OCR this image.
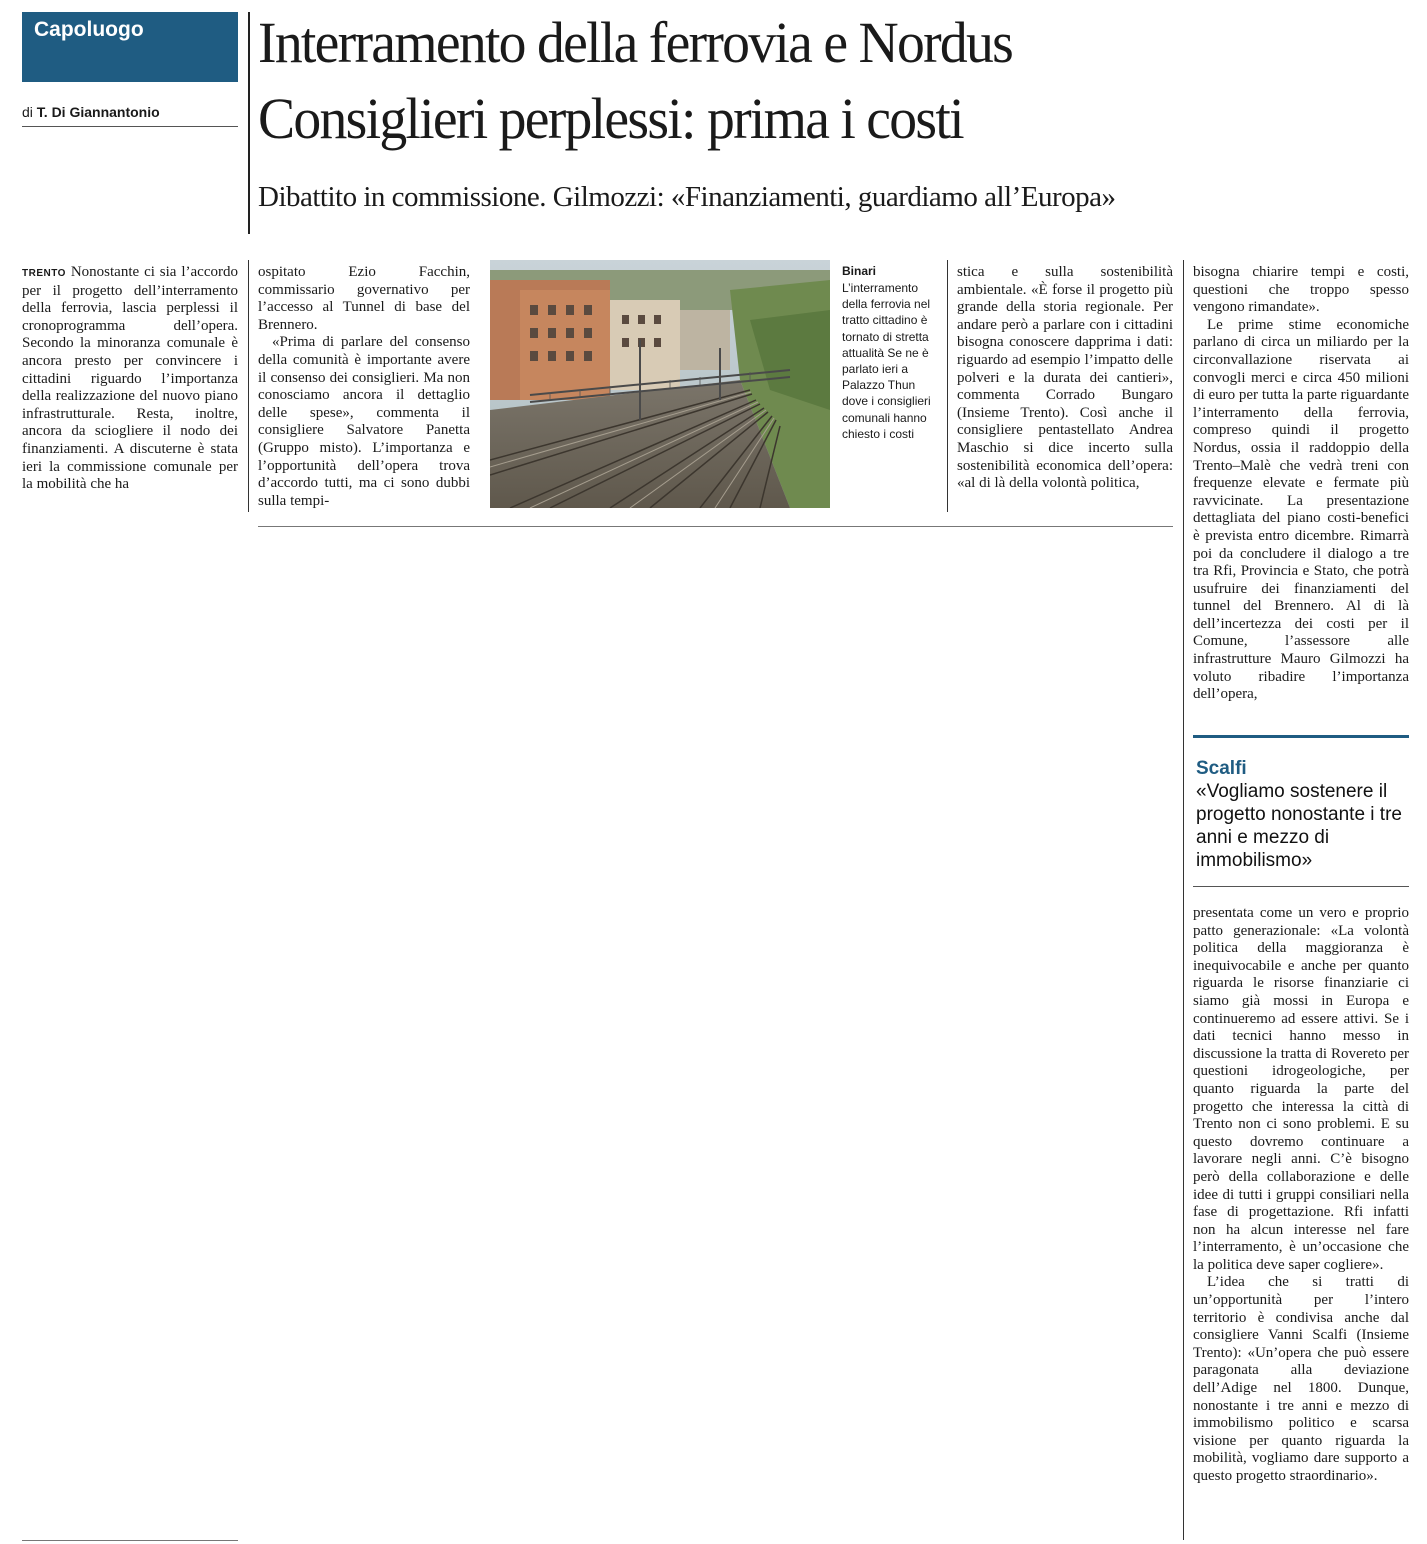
Capoluogo
di T. Di Giannantonio
Interramento della ferrovia e Nordus
Consiglieri perplessi: prima i costi
Dibattito in commissione. Gilmozzi: «Finanziamenti, guardiamo all’Europa»

TRENTO Nonostante ci sia l’accordo per il progetto dell’interramento della ferrovia, lascia perplessi il cronoprogramma dell’opera. Secondo la minoranza comunale è ancora presto per convincere i cittadini riguardo l’importanza della realizzazione del nuovo piano infrastrutturale. Resta, inoltre, ancora da sciogliere il nodo dei finanziamenti. A discuterne è stata ieri la commissione comunale per la mobilità che ha

ospitato Ezio Facchin, commissario governativo per l’accesso al Tunnel di base del Brennero.

«Prima di parlare del consenso della comunità è importante avere il consenso dei consiglieri. Ma non conosciamo ancora il dettaglio delle spese», commenta il consigliere Salvatore Panetta (Gruppo misto). L’importanza e l’opportunità dell’opera trova d’accordo tutti, ma ci sono dubbi sulla tempi-

Binari
L’interramento della ferrovia nel tratto cittadino è tornato di stretta attualità Se ne è parlato ieri a Palazzo Thun dove i consiglieri comunali hanno chiesto i costi

stica e sulla sostenibilità ambientale. «È forse il progetto più grande della storia regionale. Per andare però a parlare con i cittadini bisogna conoscere dapprima i dati: riguardo ad esempio l’impatto delle polveri e la durata dei cantieri», commenta Corrado Bungaro (Insieme Trento). Così anche il consigliere pentastellato Andrea Maschio si dice incerto sulla sostenibilità economica dell’opera: «al di là della volontà politica,

bisogna chiarire tempi e costi, questioni che troppo spesso vengono rimandate».

Le prime stime economiche parlano di circa un miliardo per la circonvallazione riservata ai convogli merci e circa 450 milioni di euro per tutta la parte riguardante l’interramento della ferrovia, compreso quindi il progetto Nordus, ossia il raddoppio della Trento–Malè che vedrà treni con frequenze elevate e fermate più ravvicinate. La presentazione dettagliata del piano costi-benefici è prevista entro dicembre. Rimarrà poi da concludere il dialogo a tre tra Rfi, Provincia e Stato, che potrà usufruire dei finanziamenti del tunnel del Brennero. Al di là dell’incertezza dei costi per il Comune, l’assessore alle infrastrutture Mauro Gilmozzi ha voluto ribadire l’importanza dell’opera,

Scalfi
«Vogliamo sostenere il progetto nonostante i tre anni e mezzo di immobilismo»

presentata come un vero e proprio patto generazionale: «La volontà politica della maggioranza è inequivocabile e anche per quanto riguarda le risorse finanziarie ci siamo già mossi in Europa e continueremo ad essere attivi. Se i dati tecnici hanno messo in discussione la tratta di Rovereto per questioni idrogeologiche, per quanto riguarda la parte del progetto che interessa la città di Trento non ci sono problemi. E su questo dovremo continuare a lavorare negli anni. C’è bisogno però della collaborazione e delle idee di tutti i gruppi consiliari nella fase di progettazione. Rfi infatti non ha alcun interesse nel fare l’interramento, è un’occasione che la politica deve saper cogliere».

L’idea che si tratti di un’opportunità per l’intero territorio è condivisa anche dal consigliere Vanni Scalfi (Insieme Trento): «Un’opera che può essere paragonata alla deviazione dell’Adige nel 1800. Dunque, nonostante i tre anni e mezzo di immobilismo politico e scarsa visione per quanto riguarda la mobilità, vogliamo dare supporto a questo progetto straordinario».
